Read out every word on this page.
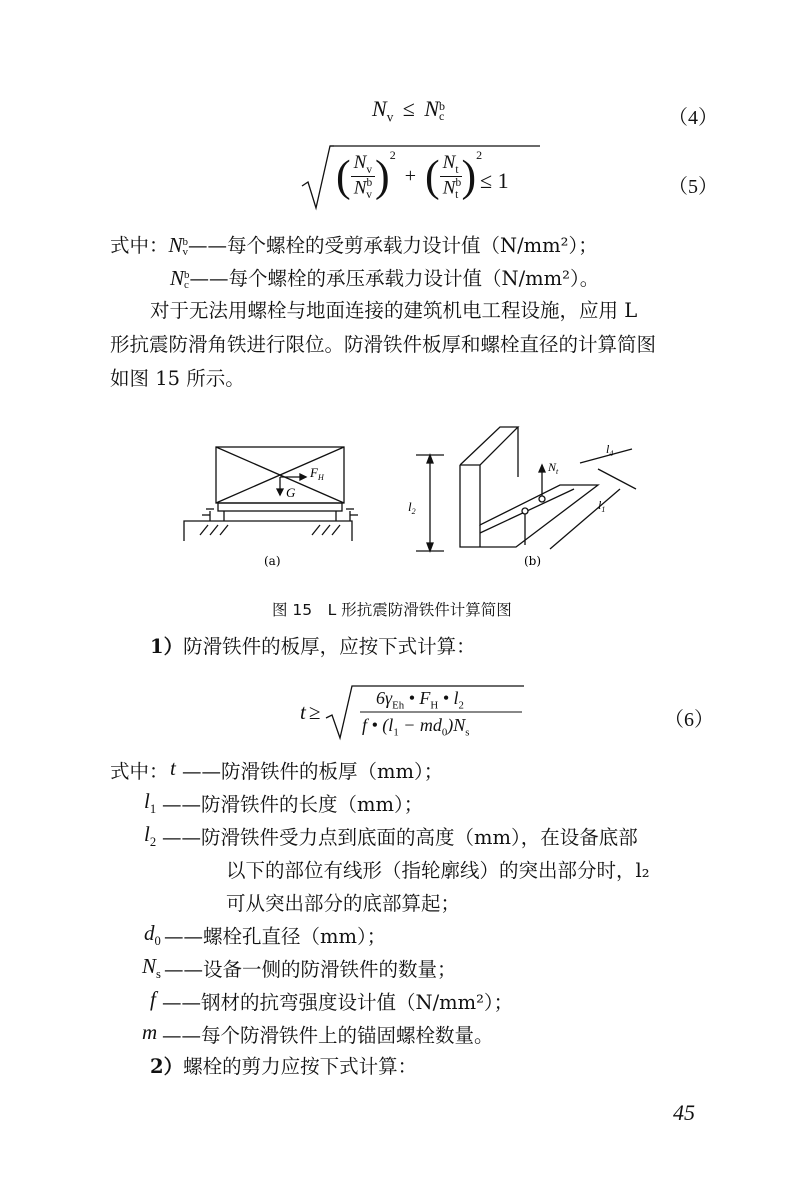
$N_v \le N$ b
c	（4）
( $\frac{N_v}{N^b_v} )^2$ + ( $\frac{N_t}{N^b_t} )^2$
≤ 1	（5）
式中：N b
v ——每个螺栓的受剪承载力设计值（N/mm²）；
N b
c ——每个螺栓的承压承载力设计值（N/mm²）。
对于无法用螺栓与地面连接的建筑机电工程设施，应用 L
形抗震防滑角铁进行限位。防滑铁件板厚和螺栓直径的计算简图
如图 15 所示。
$F_H$
G
(a)
$l_2$
$N_t$
$l_4$
$l_1$
(b)
图 15　L 形抗震防滑铁件计算简图
1）防滑铁件的板厚，应按下式计算：
t ≥
$6\gamma_{Eh}$ • $F_H$ • $l_2$
f • $(l_1 - md_0)N_s$
（6）
式中： t ——防滑铁件的板厚（mm）；
$l_1$ ——防滑铁件的长度（mm）；
$l_2$ ——防滑铁件受力点到底面的高度（mm），在设备底部
以下的部位有线形（指轮廓线）的突出部分时，l₂
可从突出部分的底部算起；
$d_0$ ——螺栓孔直径（mm）；
$N_s$ ——设备一侧的防滑铁件的数量；
f ——钢材的抗弯强度设计值（N/mm²）；
m ——每个防滑铁件上的锚固螺栓数量。
2）螺栓的剪力应按下式计算：
45
